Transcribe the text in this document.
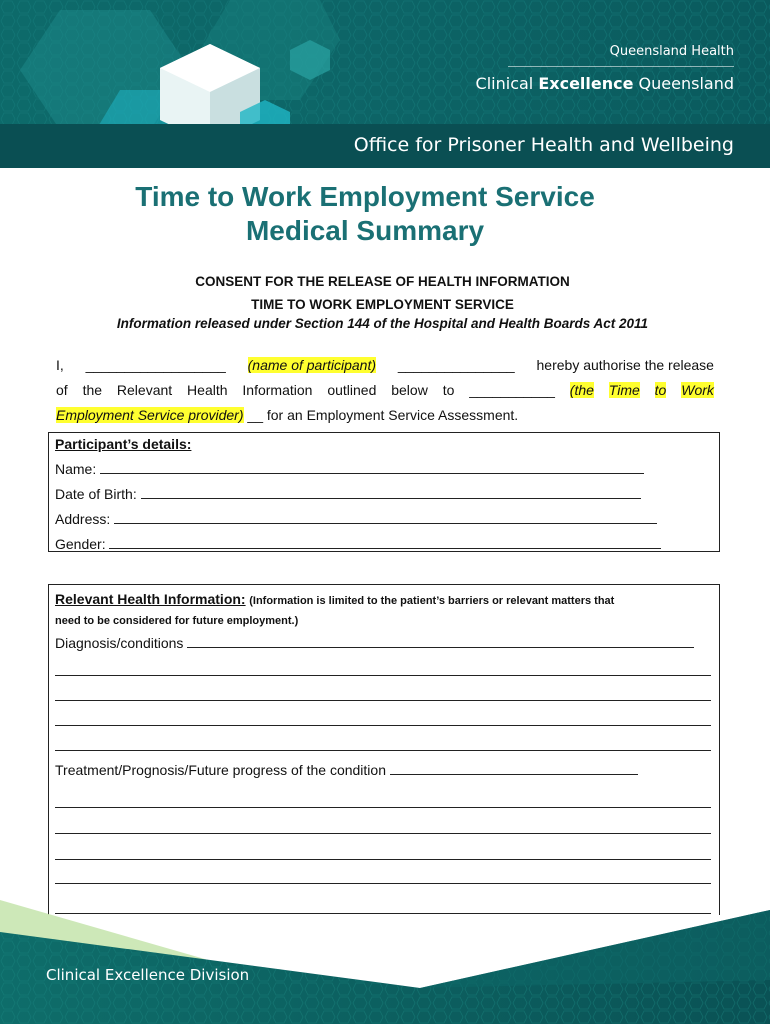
Queensland Health
Clinical Excellence Queensland
Office for Prisoner Health and Wellbeing
Time to Work Employment Service
Medical Summary
CONSENT FOR THE RELEASE OF HEALTH INFORMATION
TIME TO WORK EMPLOYMENT SERVICE
Information released under Section 144 of the Hospital and Health Boards Act 2011
I, __________________ (name of participant) _______________ hereby authorise the release
of the Relevant Health Information outlined below to ___________ (the Time to Work
Employment Service provider) __ for an Employment Service Assessment.
Participant’s details:
Name:
Date of Birth:
Address:
Gender:
Relevant Health Information: (Information is limited to the patient’s barriers or relevant matters that
need to be considered for future employment.)
Diagnosis/conditions
Treatment/Prognosis/Future progress of the condition
Clinical Excellence Division
